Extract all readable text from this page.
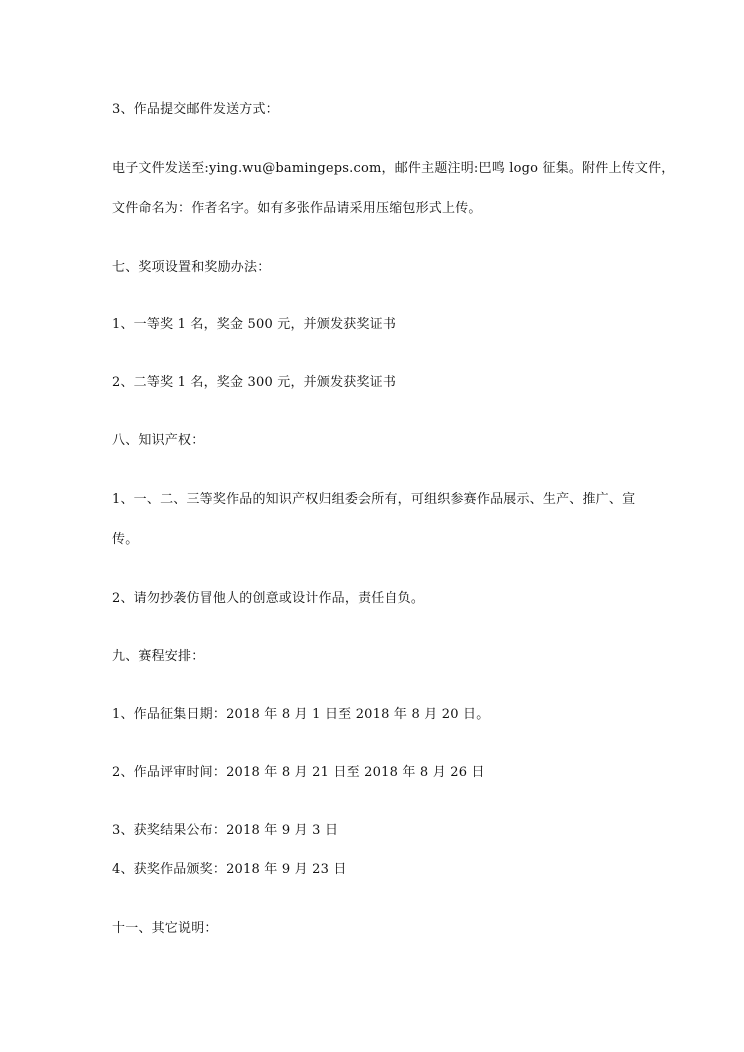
3、作品提交邮件发送方式：
电子文件发送至:ying.wu@bamingeps.com，邮件主题注明:巴鸣 logo 征集。附件上传文件，
文件命名为：作者名字。如有多张作品请采用压缩包形式上传。
七、奖项设置和奖励办法：
1、一等奖 1 名，奖金 500 元，并颁发获奖证书
2、二等奖 1 名，奖金 300 元，并颁发获奖证书
八、知识产权：
1、一、二、三等奖作品的知识产权归组委会所有，可组织参赛作品展示、生产、推广、宣
传。
2、请勿抄袭仿冒他人的创意或设计作品，责任自负。
九、赛程安排：
1、作品征集日期：2018 年 8 月 1 日至 2018 年 8 月 20 日。
2、作品评审时间：2018 年 8 月 21 日至 2018 年 8 月 26 日
3、获奖结果公布：2018 年 9 月 3 日
4、获奖作品颁奖：2018 年 9 月 23 日
十一、其它说明：
